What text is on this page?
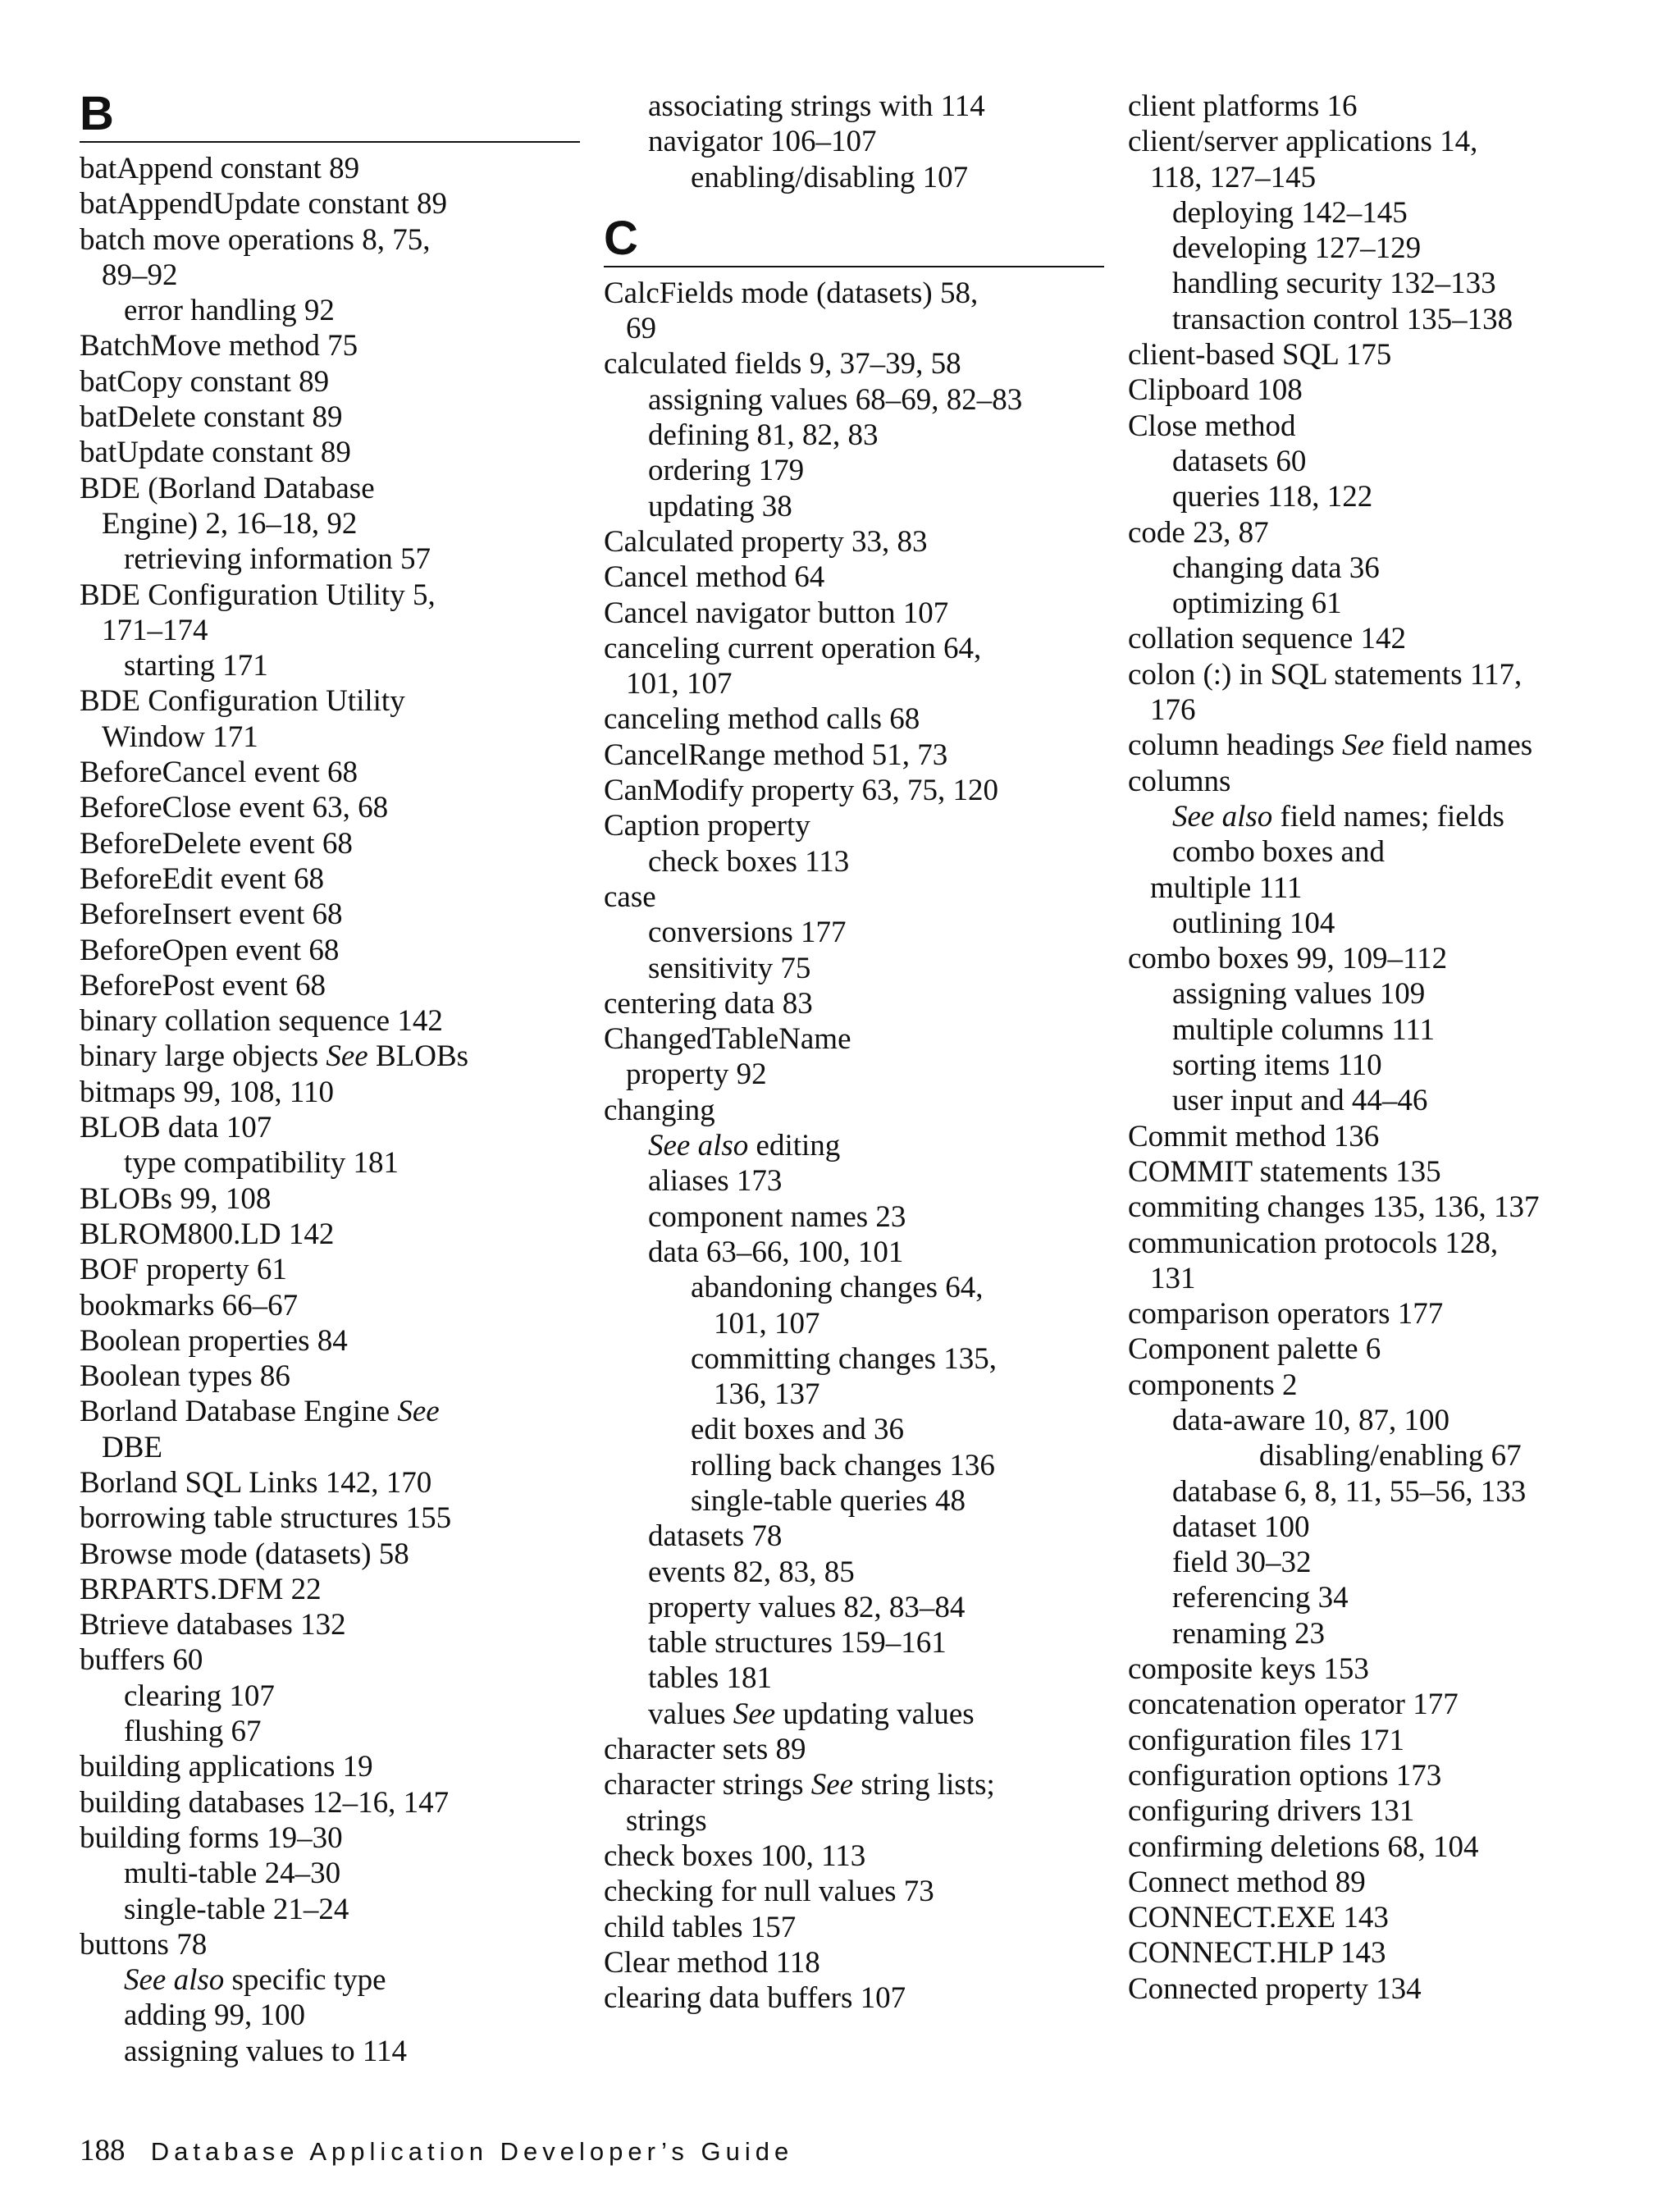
B
batAppend constant 89
batAppendUpdate constant 89
batch move operations 8, 75,
89–92
error handling 92
BatchMove method 75
batCopy constant 89
batDelete constant 89
batUpdate constant 89
BDE (Borland Database
Engine) 2, 16–18, 92
retrieving information 57
BDE Configuration Utility 5,
171–174
starting 171
BDE Configuration Utility
Window 171
BeforeCancel event 68
BeforeClose event 63, 68
BeforeDelete event 68
BeforeEdit event 68
BeforeInsert event 68
BeforeOpen event 68
BeforePost event 68
binary collation sequence 142
binary large objects See BLOBs
bitmaps 99, 108, 110
BLOB data 107
type compatibility 181
BLOBs 99, 108
BLROM800.LD 142
BOF property 61
bookmarks 66–67
Boolean properties 84
Boolean types 86
Borland Database Engine See
DBE
Borland SQL Links 142, 170
borrowing table structures 155
Browse mode (datasets) 58
BRPARTS.DFM 22
Btrieve databases 132
buffers 60
clearing 107
flushing 67
building applications 19
building databases 12–16, 147
building forms 19–30
multi-table 24–30
single-table 21–24
buttons 78
See also specific type
adding 99, 100
assigning values to 114
associating strings with 114
navigator 106–107
enabling/disabling 107
C
CalcFields mode (datasets) 58,
69
calculated fields 9, 37–39, 58
assigning values 68–69, 82–83
defining 81, 82, 83
ordering 179
updating 38
Calculated property 33, 83
Cancel method 64
Cancel navigator button 107
canceling current operation 64,
101, 107
canceling method calls 68
CancelRange method 51, 73
CanModify property 63, 75, 120
Caption property
check boxes 113
case
conversions 177
sensitivity 75
centering data 83
ChangedTableName
property 92
changing
See also editing
aliases 173
component names 23
data 63–66, 100, 101
abandoning changes 64,
101, 107
committing changes 135,
136, 137
edit boxes and 36
rolling back changes 136
single-table queries 48
datasets 78
events 82, 83, 85
property values 82, 83–84
table structures 159–161
tables 181
values See updating values
character sets 89
character strings See string lists;
strings
check boxes 100, 113
checking for null values 73
child tables 157
Clear method 118
clearing data buffers 107
client platforms 16
client/server applications 14,
118, 127–145
deploying 142–145
developing 127–129
handling security 132–133
transaction control 135–138
client-based SQL 175
Clipboard 108
Close method
datasets 60
queries 118, 122
code 23, 87
changing data 36
optimizing 61
collation sequence 142
colon (:) in SQL statements 117,
176
column headings See field names
columns
See also field names; fields
combo boxes and
multiple 111
outlining 104
combo boxes 99, 109–112
assigning values 109
multiple columns 111
sorting items 110
user input and 44–46
Commit method 136
COMMIT statements 135
commiting changes 135, 136, 137
communication protocols 128,
131
comparison operators 177
Component palette 6
components 2
data-aware 10, 87, 100
disabling/enabling 67
database 6, 8, 11, 55–56, 133
dataset 100
field 30–32
referencing 34
renaming 23
composite keys 153
concatenation operator 177
configuration files 171
configuration options 173
configuring drivers 131
confirming deletions 68, 104
Connect method 89
CONNECT.EXE 143
CONNECT.HLP 143
Connected property 134
188 Database Application Developer’s Guide
